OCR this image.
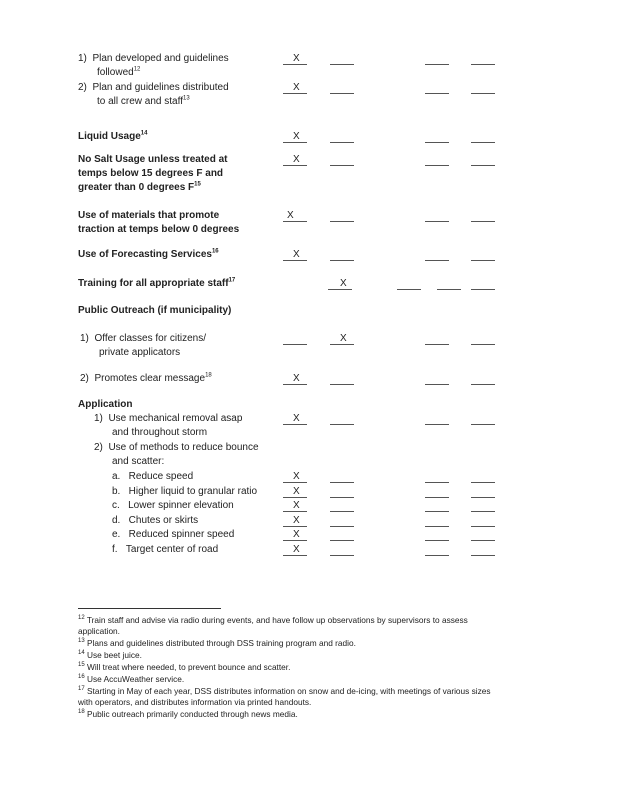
1)  Plan developed and guidelines
followed$^{12}$
2)  Plan and guidelines distributed
to all crew and staff$^{13}$
Liquid Usage$^{14}$
No Salt Usage unless treated at
temps below 15 degrees F and
greater than 0 degrees $F^{15}$
Use of materials that promote
traction at temps below 0 degrees
Use of Forecasting Services$^{16}$
Training for all appropriate staff$^{17}$
Public Outreach (if municipality)
1)  Offer classes for citizens/
private applicators
2)  Promotes clear message$^{18}$
Application
1)  Use mechanical removal asap
and throughout storm
2)  Use of methods to reduce bounce
and scatter:
a.   Reduce speed
b.   Higher liquid to granular ratio
c.   Lower spinner elevation
d.   Chutes or skirts
e.   Reduced spinner speed
f.   Target center of road
X
X
X
X
X
X
X
X
X
X
X
X
X
X
X
X
$^{12}$ Train staff and advise via radio during events, and have follow up observations by supervisors to assess
application.
$^{13}$ Plans and guidelines distributed through DSS training program and radio.
$^{14}$ Use beet juice.
$^{15}$ Will treat where needed, to prevent bounce and scatter.
$^{16}$ Use AccuWeather service.
$^{17}$ Starting in May of each year, DSS distributes information on snow and de-icing, with meetings of various sizes
with operators, and distributes information via printed handouts.
$^{18}$ Public outreach primarily conducted through news media.
